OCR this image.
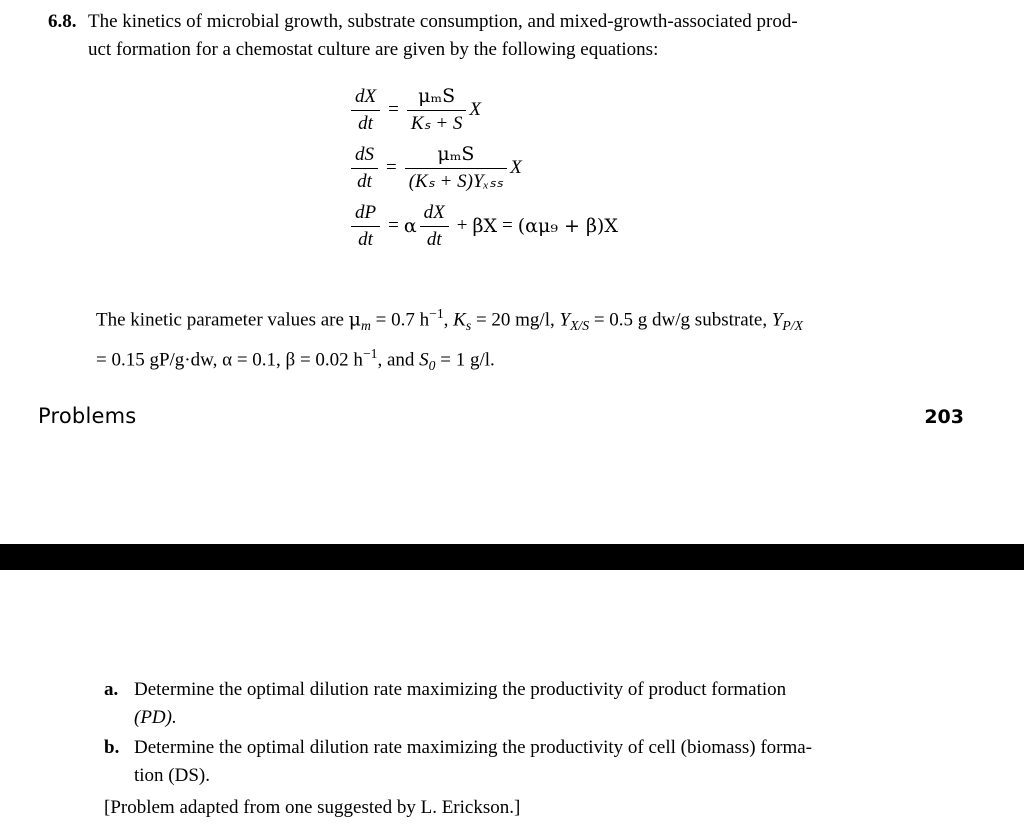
6.8. The kinetics of microbial growth, substrate consumption, and mixed-growth-associated prod-
uct formation for a chemostat culture are given by the following equations:
$\frac{dX}{dt} = \frac{\text{μₘS}}{\text{Kₛ + S}}$ X
$\frac{dS}{dt} = \frac{\text{μₘS}}{\text{(Kₛ + S)Yₓₛₛ}}$ X
$\frac{dP}{dt} = \alpha \frac{dX}{dt} + \beta X = (\alpha\mu_9 + \beta)X$
The kinetic parameter values are $\mu_m = 0.7$ $h^{-1}$, $K_s = 20$ mg/l, $Y_{X/S} = 0.5$ g dw/g substrate, $Y_{P/X}$
= 0.15 gP/g·dw, α = 0.1, β = 0.02 $h^{-1}$, and $S_0 = 1$ g/l.
Problems	203
a. Determine the optimal dilution rate maximizing the productivity of product formation
(PD).
b. Determine the optimal dilution rate maximizing the productivity of cell (biomass) forma-
tion (DS).
[Problem adapted from one suggested by L. Erickson.]
